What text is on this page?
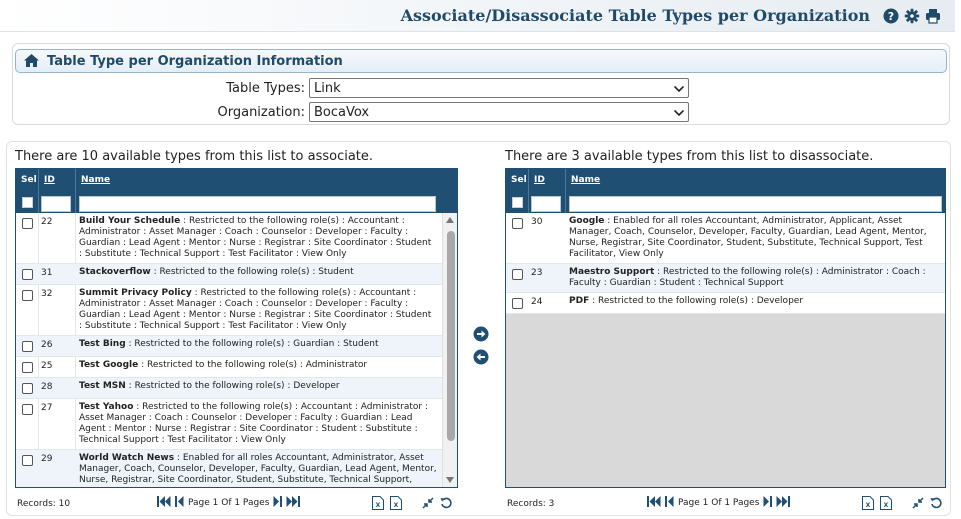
Associate/Disassociate Table Types per Organization ?
Table Type per Organization Information
Table Types: Link
Organization: BocaVox
There are 10 available types from this list to associate.	There are 3 available types from this list to disassociate.
Sel ID	Name
22	Build Your Schedule : Restricted to the following role(s) : Accountant : Administrator : Asset Manager : Coach : Counselor : Developer : Faculty : Guardian : Lead Agent : Mentor : Nurse : Registrar : Site Coordinator : Student : Substitute : Technical Support : Test Facilitator : View Only
31	Stackoverflow : Restricted to the following role(s) : Student
32	Summit Privacy Policy : Restricted to the following role(s) : Accountant : Administrator : Asset Manager : Coach : Counselor : Developer : Faculty : Guardian : Lead Agent : Mentor : Nurse : Registrar : Site Coordinator : Student : Substitute : Technical Support : Test Facilitator : View Only
26	Test Bing : Restricted to the following role(s) : Guardian : Student
25	Test Google : Restricted to the following role(s) : Administrator
28	Test MSN : Restricted to the following role(s) : Developer
27	Test Yahoo : Restricted to the following role(s) : Accountant : Administrator : Asset Manager : Coach : Counselor : Developer : Faculty : Guardian : Lead Agent : Mentor : Nurse : Registrar : Site Coordinator : Student : Substitute : Technical Support : Test Facilitator : View Only
29	World Watch News : Enabled for all roles Accountant, Administrator, Asset Manager, Coach, Counselor, Developer, Faculty, Guardian, Lead Agent, Mentor, Nurse, Registrar, Site Coordinator, Student, Substitute, Technical Support,
Records: 10	Page 1 Of 1 Pages	X X
Sel ID	Name
30	Google : Enabled for all roles Accountant, Administrator, Applicant, Asset Manager, Coach, Counselor, Developer, Faculty, Guardian, Lead Agent, Mentor, Nurse, Registrar, Site Coordinator, Student, Substitute, Technical Support, Test Facilitator, View Only
23	Maestro Support : Restricted to the following role(s) : Administrator : Coach : Faculty : Guardian : Student : Technical Support
24	PDF : Restricted to the following role(s) : Developer
Records: 3	Page 1 Of 1 Pages	X X
